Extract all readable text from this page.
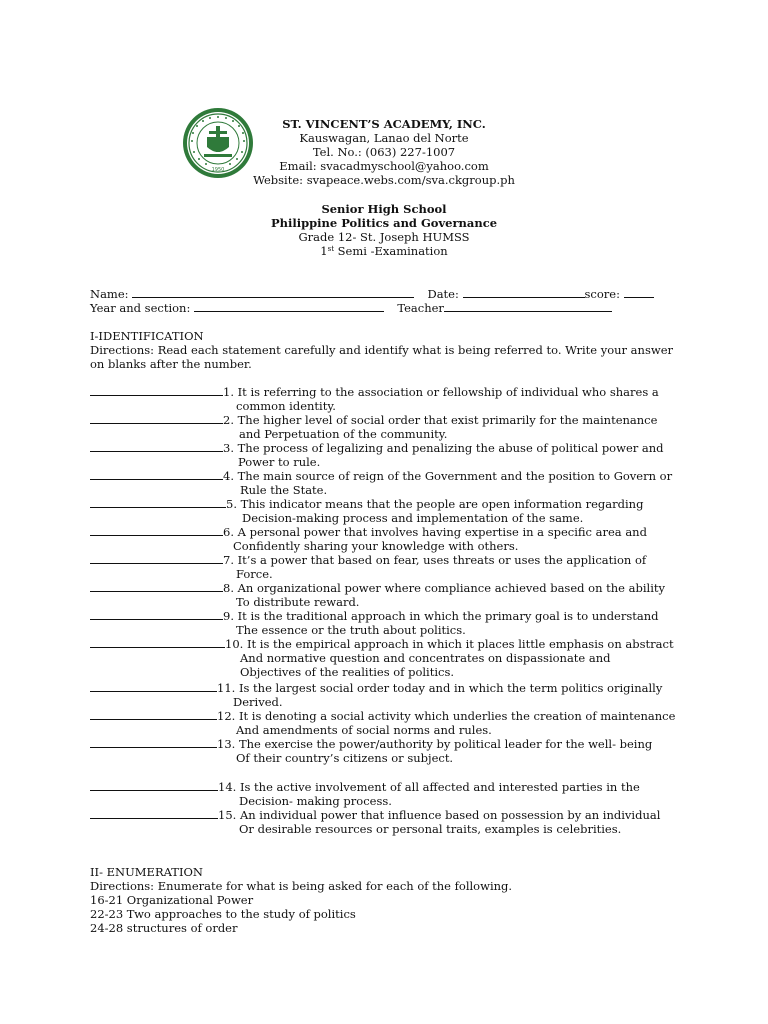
1950
ST. VINCENT’S ACADEMY, INC.
Kauswagan, Lanao del Norte
Tel. No.: (063) 227-1007
Email: svacadmyschool@yahoo.com
Website: svapeace.webs.com/sva.ckgroup.ph
Senior High School
Philippine Politics and Governance
Grade 12- St. Joseph HUMSS
1st Semi -Examination
Name:	Date:	score:
Year and section:	Teacher
I-IDENTIFICATION
Directions: Read each statement carefully and identify what is being referred to. Write your answer
on blanks after the number.
1. It is referring to the association or fellowship of individual who shares a
common identity.
2. The higher level of social order that exist primarily for the maintenance
and Perpetuation of the community.
3. The process of legalizing and penalizing the abuse of political power and
Power to rule.
4. The main source of reign of the Government and the position to Govern or
Rule the State.
5. This indicator means that the people are open information regarding
Decision-making process and implementation of the same.
6. A personal power that involves having expertise in a specific area and
Confidently sharing your knowledge with others.
7. It’s a power that based on fear, uses threats or uses the application of
Force.
8. An organizational power where compliance achieved based on the ability
To distribute reward.
9. It is the traditional approach in which the primary goal is to understand
The essence or the truth about politics.
10. It is the empirical approach in which it places little emphasis on abstract
And normative question and concentrates on dispassionate and
Objectives of the realities of politics.
11. Is the largest social order today and in which the term politics originally
Derived.
12. It is denoting a social activity which underlies the creation of maintenance
And amendments of social norms and rules.
13. The exercise the power/authority by political leader for the well- being
Of their country’s citizens or subject.
14. Is the active involvement of all affected and interested parties in the
Decision- making process.
15. An individual power that influence based on possession by an individual
Or desirable resources or personal traits, examples is celebrities.
II- ENUMERATION
Directions: Enumerate for what is being asked for each of the following.
16-21 Organizational Power
22-23 Two approaches to the study of politics
24-28 structures of order
